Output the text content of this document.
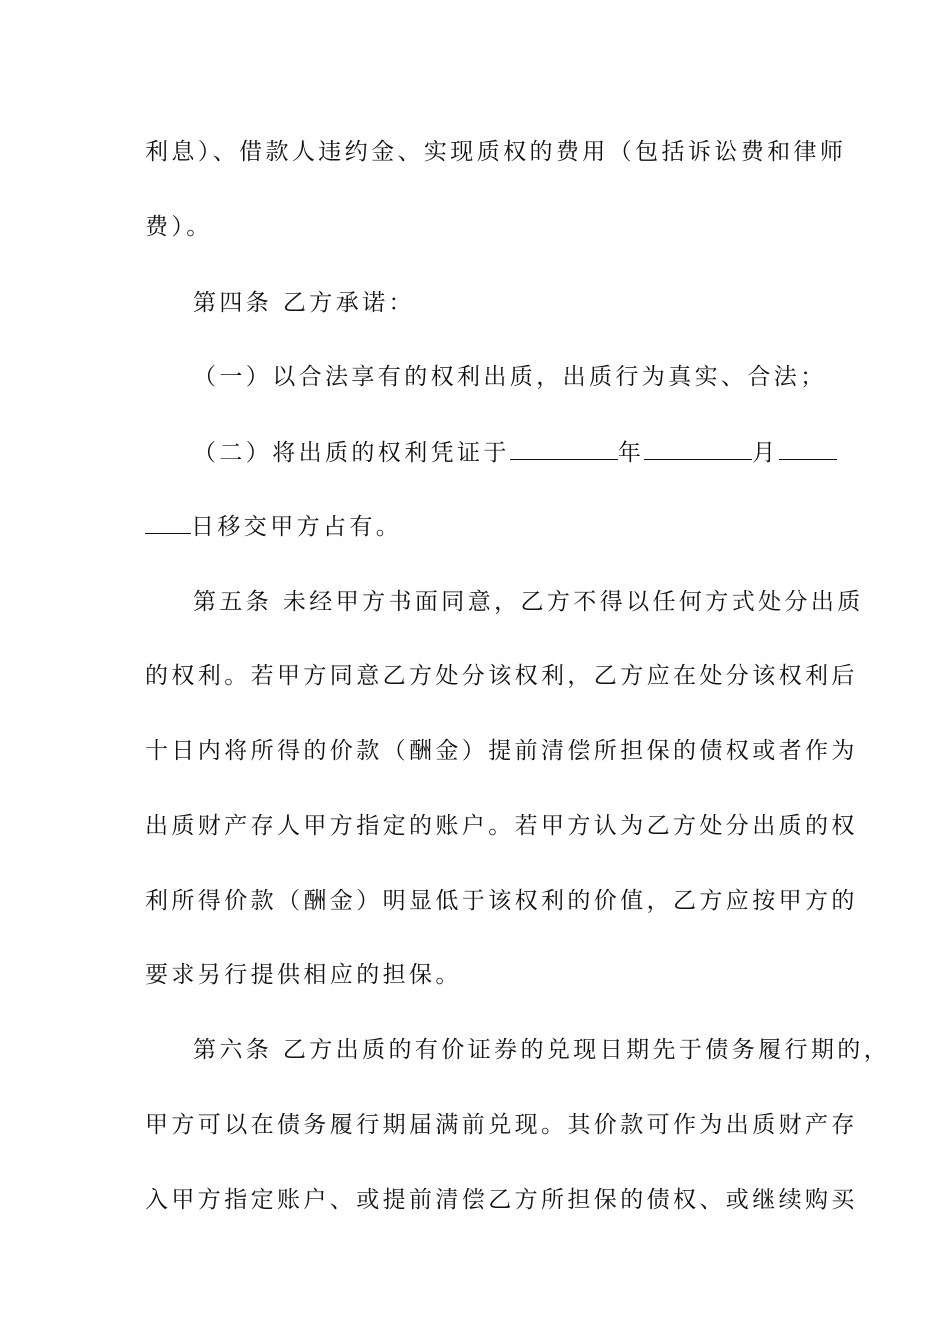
利息）、借款人违约金、实现质权的费用（包括诉讼费和律师
费）。
第四条 乙方承诺：
（一）以合法享有的权利出质，出质行为真实、合法；
（二）将出质的权利凭证于	年	月
日移交甲方占有。
第五条 未经甲方书面同意，乙方不得以任何方式处分出质
的权利。若甲方同意乙方处分该权利，乙方应在处分该权利后
十日内将所得的价款（酬金）提前清偿所担保的债权或者作为
出质财产存人甲方指定的账户。若甲方认为乙方处分出质的权
利所得价款（酬金）明显低于该权利的价值，乙方应按甲方的
要求另行提供相应的担保。
第六条 乙方出质的有价证券的兑现日期先于债务履行期的，
甲方可以在债务履行期届满前兑现。其价款可作为出质财产存
入甲方指定账户、或提前清偿乙方所担保的债权、或继续购买
